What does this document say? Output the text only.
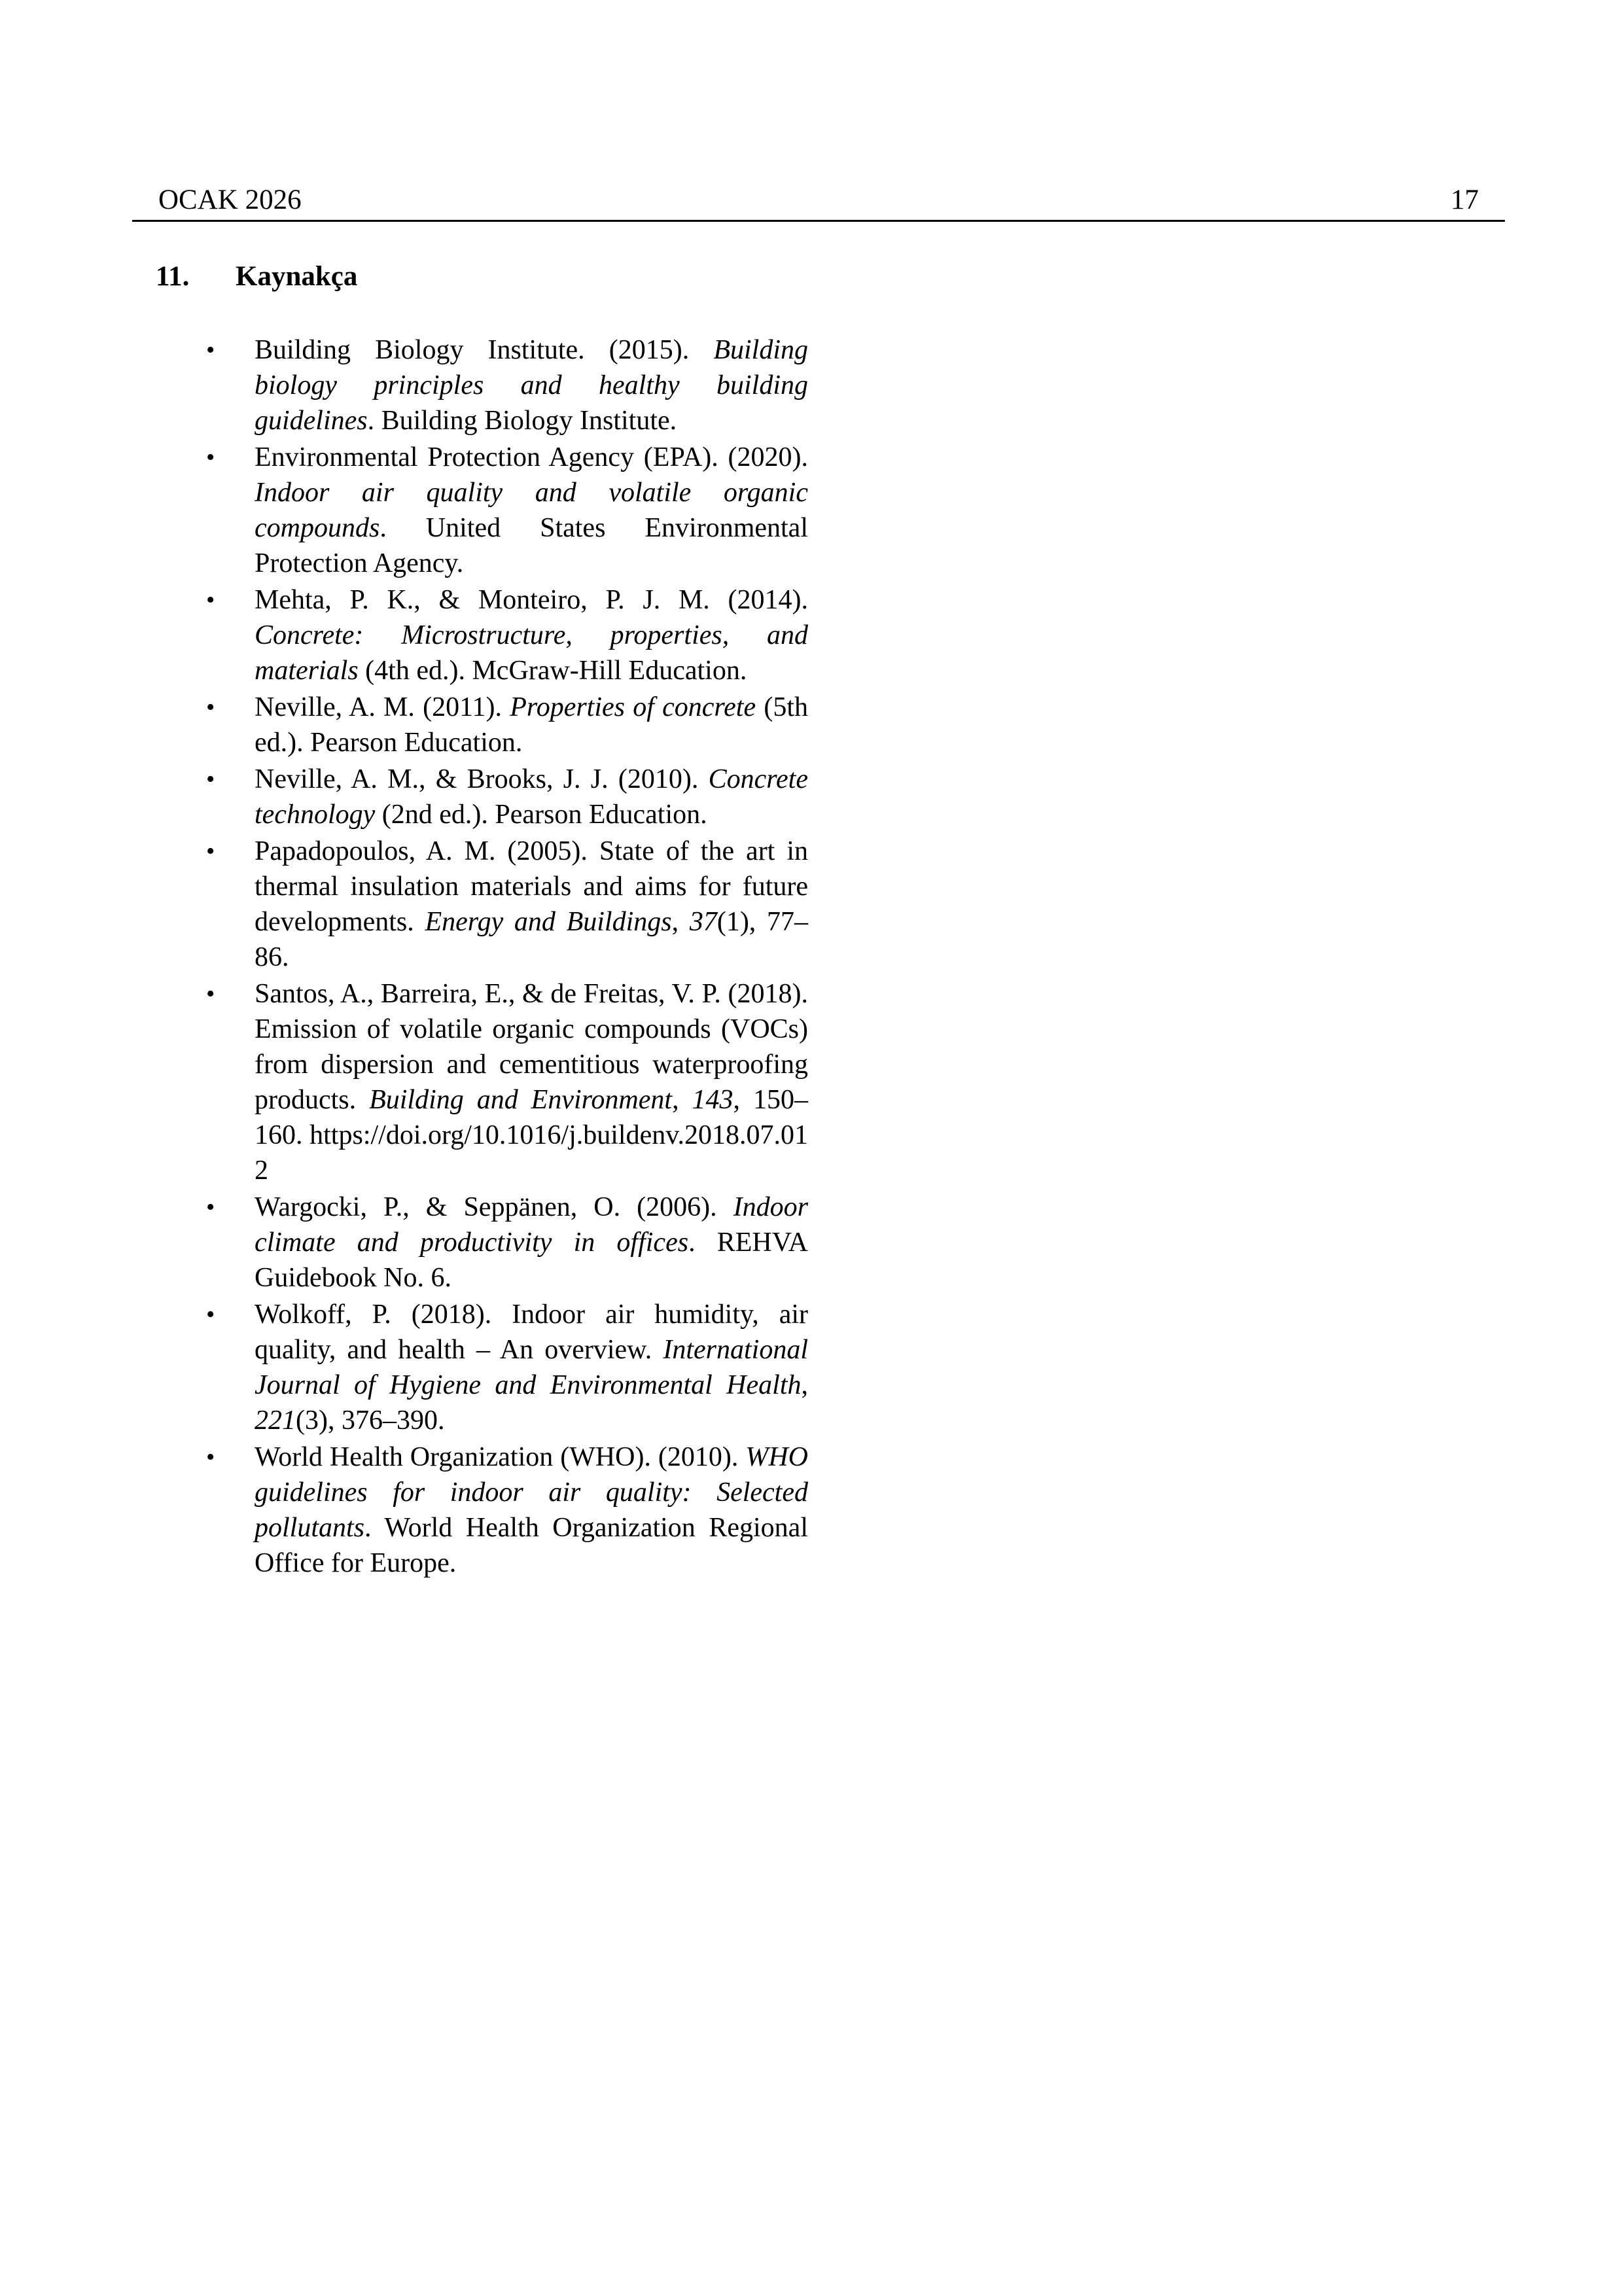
OCAK 2026	17
11. Kaynakça
• Building Biology Institute. (2015). Building biology principles and healthy building guidelines. Building Biology Institute.
• Environmental Protection Agency (EPA). (2020). Indoor air quality and volatile organic compounds. United States Environmental Protection Agency.
• Mehta, P. K., & Monteiro, P. J. M. (2014). Concrete: Microstructure, properties, and materials (4th ed.). McGraw-Hill Education.
• Neville, A. M. (2011). Properties of concrete (5th ed.). Pearson Education.
• Neville, A. M., & Brooks, J. J. (2010). Concrete technology (2nd ed.). Pearson Education.
• Papadopoulos, A. M. (2005). State of the art in thermal insulation materials and aims for future developments. Energy and Buildings, 37(1), 77–86.
• Santos, A., Barreira, E., & de Freitas, V. P. (2018). Emission of volatile organic compounds (VOCs) from dispersion and cementitious waterproofing products. Building and Environment, 143, 150–160. https://doi.org/10.1016/j.buildenv.2018.07.012
• Wargocki, P., & Seppänen, O. (2006). Indoor climate and productivity in offices. REHVA Guidebook No. 6.
• Wolkoff, P. (2018). Indoor air humidity, air quality, and health – An overview. International Journal of Hygiene and Environmental Health, 221(3), 376–390.
• World Health Organization (WHO). (2010). WHO guidelines for indoor air quality: Selected pollutants. World Health Organization Regional Office for Europe.
